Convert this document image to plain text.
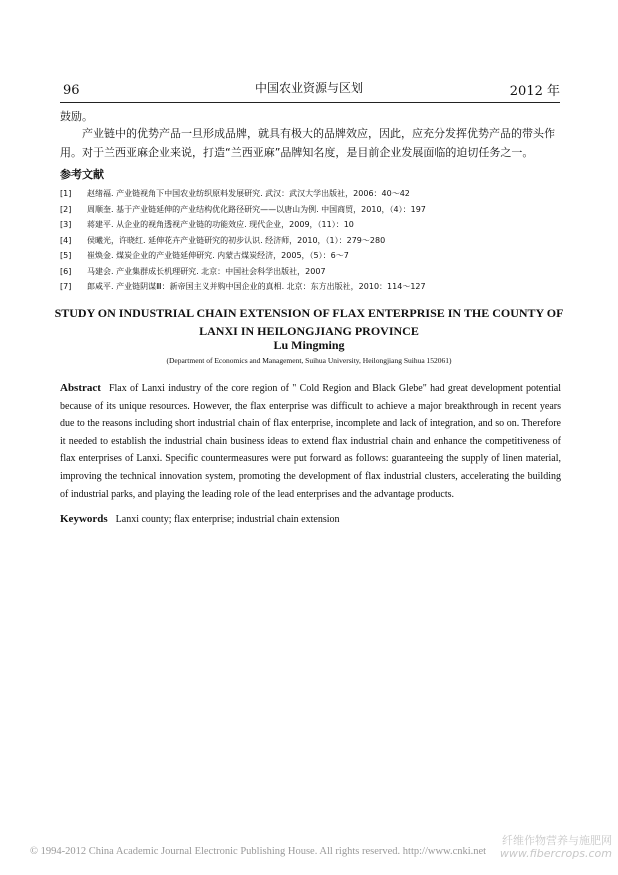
96	中国农业资源与区划	2012 年
鼓励。
产业链中的优势产品一旦形成品牌，就具有极大的品牌效应，因此，应充分发挥优势产品的带头作用。对于兰西亚麻企业来说，打造“兰西亚麻”品牌知名度，是目前企业发展面临的迫切任务之一。
参考文献
[1]	赵绪福. 产业链视角下中国农业纺织原料发展研究. 武汉：武汉大学出版社，2006：40～42
[2]	周顺奎. 基于产业链延伸的产业结构优化路径研究——以唐山为例. 中国商贸，2010，（4）：197
[3]	蒋建平. 从企业的视角透视产业链的功能效应. 现代企业，2009，（11）：10
[4]	侯曦光，许晓红. 延伸花卉产业链研究的初步认识. 经济师，2010，（1）：279～280
[5]	崔焕金. 煤炭企业的产业链延伸研究. 内蒙古煤炭经济，2005，（5）：6～7
[6]	马建会. 产业集群成长机理研究. 北京：中国社会科学出版社，2007
[7]	郎咸平. 产业链阴谋Ⅲ：新帝国主义并购中国企业的真相. 北京：东方出版社，2010：114～127
STUDY ON INDUSTRIAL CHAIN EXTENSION OF FLAX ENTERPRISE IN THE COUNTY OF LANXI IN HEILONGJIANG PROVINCE
Lu Mingming
(Department of Economics and Management, Suihua University, Heilongjiang Suihua 152061)
Abstract Flax of Lanxi industry of the core region of " Cold Region and Black Glebe" had great development potential because of its unique resources. However, the flax enterprise was difficult to achieve a major breakthrough in recent years due to the reasons including short industrial chain of flax enterprise, incomplete and lack of integration, and so on. Therefore it needed to establish the industrial chain business ideas to extend flax industrial chain and enhance the competitiveness of flax enterprises of Lanxi. Specific countermeasures were put forward as follows: guaranteeing the supply of linen material, improving the technical innovation system, promoting the development of flax industrial clusters, accelerating the building of industrial parks, and playing the leading role of the lead enterprises and the advantage products.
Keywords Lanxi county; flax enterprise; industrial chain extension
© 1994-2012 China Academic Journal Electronic Publishing House. All rights reserved. http://www.cnki.net
纤维作物营养与施肥网
www.fibercrops.com
